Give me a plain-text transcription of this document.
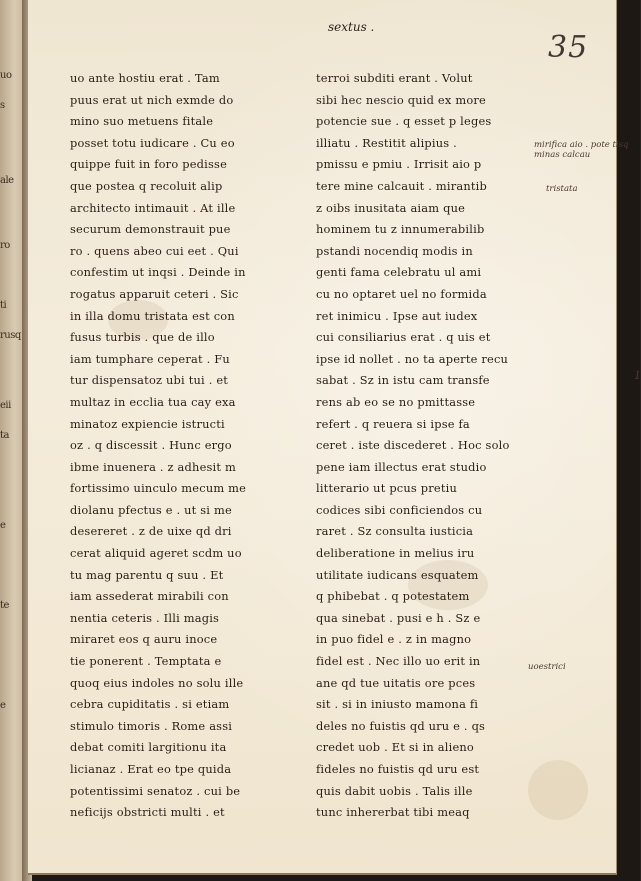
uo
s
ale
ro
ti
rusq
eii
ta
e
te
e
sextus .
35
uo ante hostiu erat . Tam
puus erat ut nich exmde do
mino suo metuens fitale
posset totu iudicare . Cu eo
quippe fuit in foro pedisse
que postea q recoluit alip
architecto intimauit . At ille
securum demonstrauit pue
ro . quens abeo cui eet . Qui
confestim ut inqsi . Deinde in
rogatus apparuit ceteri . Sic
in illa domu tristata est con
fusus turbis . que de illo
iam tumphare ceperat . Fu
tur dispensatoz ubi tui . et
multaz in ecclia tua cay exa
minatoz expiencie istructi
oz . q discessit . Hunc ergo
ibme inuenera . z adhesit m
fortissimo uinculo mecum me
diolanu pfectus e . ut si me
desereret . z de uixe qd dri
cerat aliquid ageret scdm uo
tu mag parentu q suu . Et
iam assederat mirabili con
nentia ceteris . Illi magis
miraret eos q auru inoce
tie ponerent . Temptata e
quoq eius indoles no solu ille
cebra cupiditatis . si etiam
stimulo timoris . Rome assi
debat comiti largitionu ita
licianaz . Erat eo tpe quida
potentissimi senatoz . cui be
neficijs obstricti multi . et
terroi subditi erant . Volut
sibi hec nescio quid ex more
potencie sue . q esset p leges
illiatu . Restitit alipius .
pmissu e pmiu . Irrisit aio p
tere mine calcauit . mirantib
z oibs inusitata aiam que
hominem tu z innumerabilib
pstandi nocendiq modis in
genti fama celebratu ul ami
cu no optaret uel no formida
ret inimicu . Ipse aut iudex
cui consiliarius erat . q uis et
ipse id nollet . no ta aperte recu
sabat . Sz in istu cam transfe
rens ab eo se no pmittasse
refert . q reuera si ipse fa
ceret . iste discederet . Hoc solo
pene iam illectus erat studio
litterario ut pcus pretiu
codices sibi conficiendos cu
raret . Sz consulta iusticia
deliberatione in melius iru
utilitate iudicans esquatem
q phibebat . q potestatem
qua sinebat . pusi e h . Sz e
in puo fidel e . z in magno
fidel est . Nec illo uo erit in
ane qd tue uitatis ore pces
sit . si in iniusto mamona fi
deles no fuistis qd uru e . qs
credet uob . Et si in alieno
fideles no fuistis qd uru est
quis dabit uobis . Talis ille
tunc inhererbat tibi meaq
mirifica aio . pote tisq minas calcau
tristata
uoestrici
1
